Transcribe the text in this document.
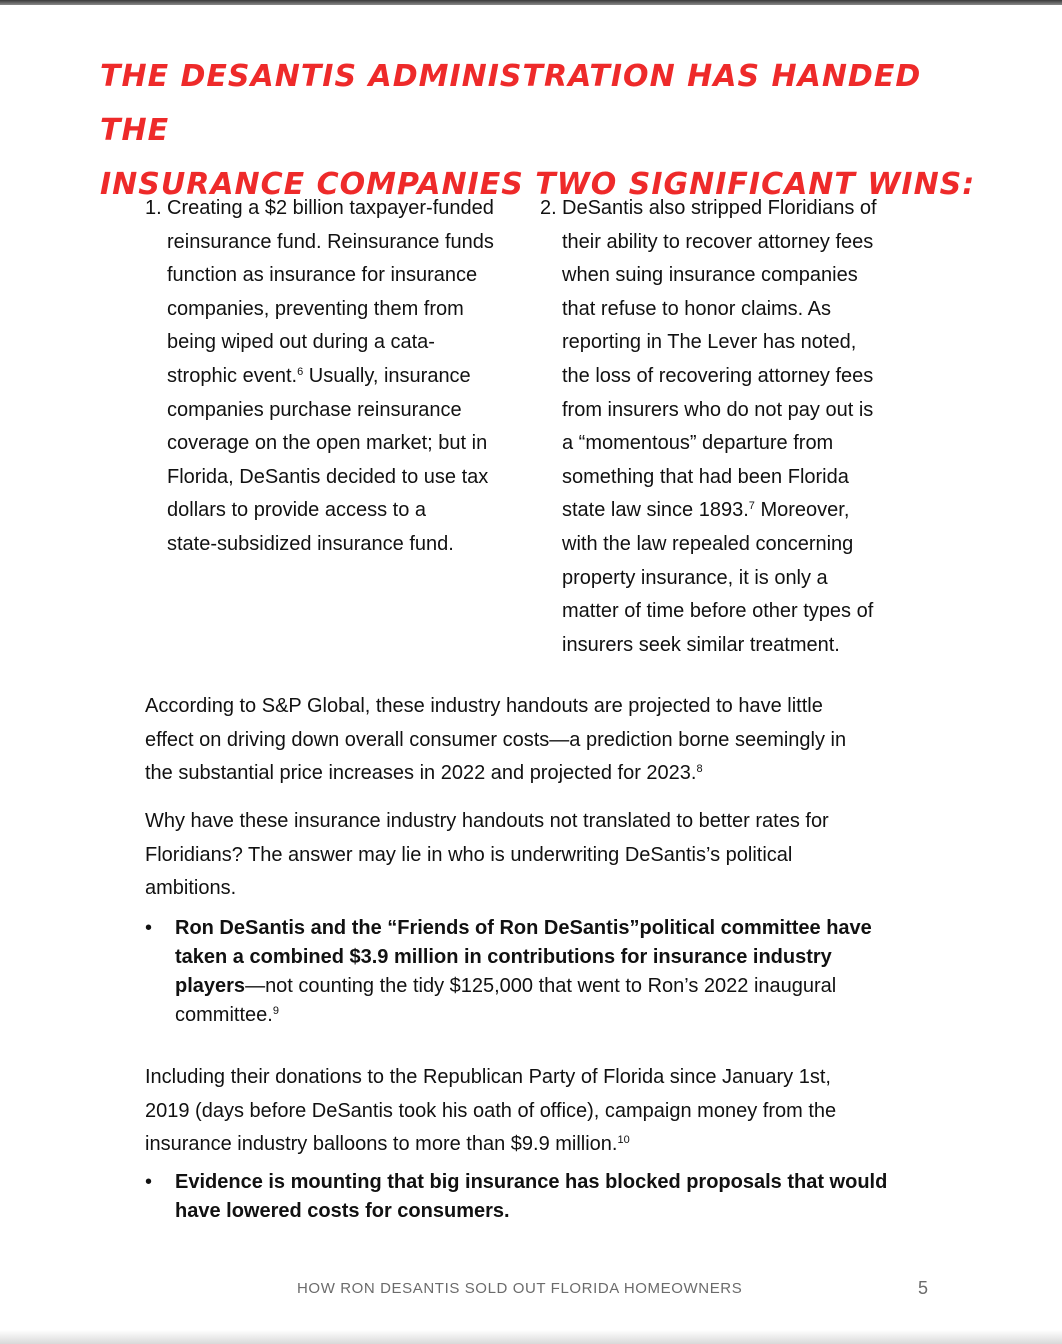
THE DESANTIS ADMINISTRATION HAS HANDED THE
INSURANCE COMPANIES TWO SIGNIFICANT WINS:
1. Creating a $2 billion taxpayer-funded
reinsurance fund. Reinsurance funds
function as insurance for insurance
companies, preventing them from
being wiped out during a cata-
strophic event.$^6$ Usually, insurance
companies purchase reinsurance
coverage on the open market; but in
Florida, DeSantis decided to use tax
dollars to provide access to a
state-subsidized insurance fund.
2. DeSantis also stripped Floridians of
their ability to recover attorney fees
when suing insurance companies
that refuse to honor claims. As
reporting in The Lever has noted,
the loss of recovering attorney fees
from insurers who do not pay out is
a “momentous” departure from
something that had been Florida
state law since 1893.$^7$ Moreover,
with the law repealed concerning
property insurance, it is only a
matter of time before other types of
insurers seek similar treatment.

According to S&P Global, these industry handouts are projected to have little
effect on driving down overall consumer costs—a prediction borne seemingly in
the substantial price increases in 2022 and projected for 2023.$^8$

Why have these insurance industry handouts not translated to better rates for
Floridians? The answer may lie in who is underwriting DeSantis’s political
ambitions.

• Ron DeSantis and the “Friends of Ron DeSantis”political committee have
taken a combined $3.9 million in contributions for insurance industry
players—not counting the tidy $125,000 that went to Ron’s 2022 inaugural
committee.$^9$

Including their donations to the Republican Party of Florida since January 1st,
2019 (days before DeSantis took his oath of office), campaign money from the
insurance industry balloons to more than $9.9 million.$^{10}$

• Evidence is mounting that big insurance has blocked proposals that would
have lowered costs for consumers.
HOW RON DESANTIS SOLD OUT FLORIDA HOMEOWNERS	5
